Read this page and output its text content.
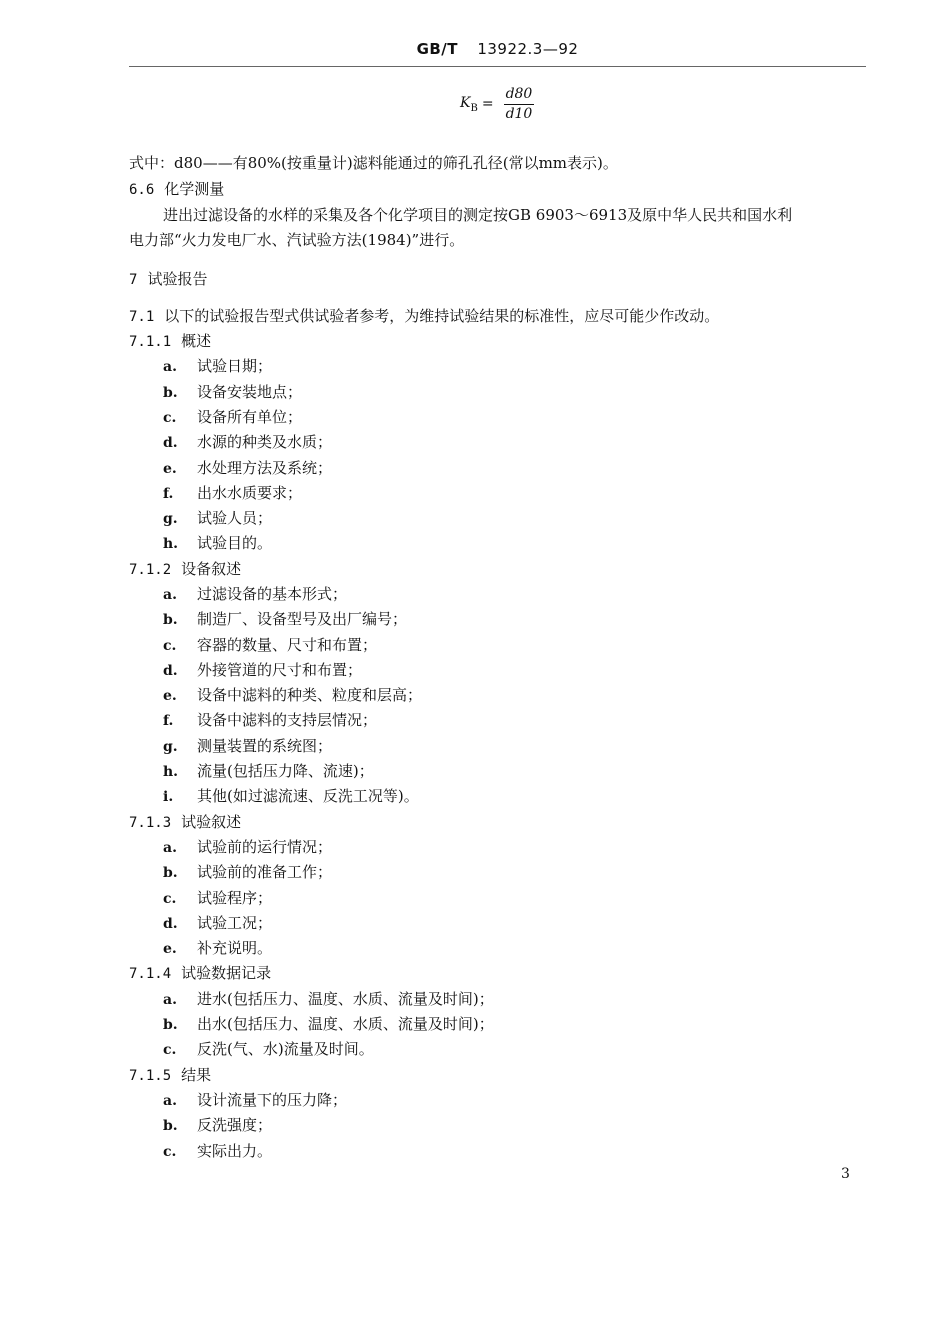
GB/T 13922.3—92
$K_B = \frac{d80}{d10}$
式中：d80——有80%(按重量计)滤料能通过的筛孔孔径(常以mm表示)。
6.6 化学测量
进出过滤设备的水样的采集及各个化学项目的测定按GB 6903～6913及原中华人民共和国水利
电力部“火力发电厂水、汽试验方法(1984)”进行。
7 试验报告
7.1 以下的试验报告型式供试验者参考，为维持试验结果的标准性，应尽可能少作改动。
7.1.1 概述
a. 试验日期；
b. 设备安装地点；
c. 设备所有单位；
d. 水源的种类及水质；
e. 水处理方法及系统；
f. 出水水质要求；
g. 试验人员；
h. 试验目的。
7.1.2 设备叙述
a. 过滤设备的基本形式；
b. 制造厂、设备型号及出厂编号；
c. 容器的数量、尺寸和布置；
d. 外接管道的尺寸和布置；
e. 设备中滤料的种类、粒度和层高；
f. 设备中滤料的支持层情况；
g. 测量装置的系统图；
h. 流量(包括压力降、流速)；
i. 其他(如过滤流速、反洗工况等)。
7.1.3 试验叙述
a. 试验前的运行情况；
b. 试验前的准备工作；
c. 试验程序；
d. 试验工况；
e. 补充说明。
7.1.4 试验数据记录
a. 进水(包括压力、温度、水质、流量及时间)；
b. 出水(包括压力、温度、水质、流量及时间)；
c. 反洗(气、水)流量及时间。
7.1.5 结果
a. 设计流量下的压力降；
b. 反洗强度；
c. 实际出力。
3
